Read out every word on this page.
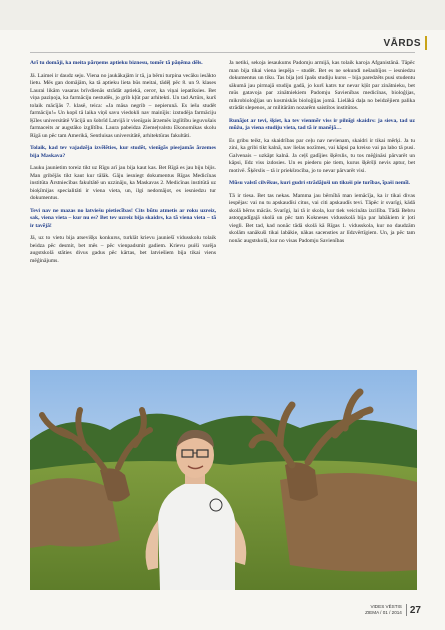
VĀRDS

Arī tu domāji, ka meita pārņems aptieku biznesu, tomēr tā pāņēma dēls.

Jā. Laimei ir daudz seju. Viena no jaukākajām ir tā, ja bērni turpina vecāku iesākto lietu. Mēs gan domājām, ka tā aptieku lieta būs meitai, tādēļ pēc 8. un 9. klases Laurai likām vasaras brīvdienās strādāt aptiekā, ceroт, ka viņai iepatiksies. Bet viņa paziņoja, ka farmāciju nestudēs, jo grib kļūt par arhitekti. Un tad Artūrs, kurš tolaik mācījās 7. klasē, teica: «Ja māsa negrib – nepierunā. Es iešu studēt farmāciju!» Un kopš tā laika viņš savu viedokli nav mainījis: izstudēja farmāciju Ķīles universitātē Vācijā un šobrīd Latvijā ir vienīgais ārzemēs izglītību ieguvušais farmaceits ar augstāko izglītību. Laura pabeidza Ziemeļvalstu Ekonomikas skolu Rīgā un pēc tam Amerikā, Sentluisas universitātē, arhitektūras fakultāti.

Tolaik, kad tev vajadzēja izvēlēties, kur studēt, vienīgās pieejamās ārzemes bija Maskava?

Lauku jaunietim toreiz tikt uz Rīgu arī jau bija kaut kas. Bet Rīgā es jau biju bijis. Man gribējās tikt kaut kur tālāk. Gāju iesniegt dokumentus Rīgas Medicīnas institūta Ārstniecības fakultātē un uzzināju, ka Maskavas 2. Medicīnas institūtā uz bioķīmijas specialitāti ir viena vieta, un, ilgi nedomājot, es iesniedzu tur dokumentus.

Tevi nav ne mazas no latviešu pietiecības! Cits būtu atmetis ar roku uzreiz, sak, viena vieta – kur nu es? Bet tev uzreiz bija skaidrs, ka tā viena vieta – tā ir tavējā!

Jā, uz to vietu bija atsevišķs konkurss, turklāt krievu jauniešī vidusskolu tolaik beidza pēc desmit, bet mēs – pēc vienpadsmit gadiem. Krievu puiši varēja augstskolā stāties divus gadus pēc kārtas, bet latviešiem bija tikai viens mēģinājums.

Ja netiki, sekoja iesaukums Padomju armijā, kas tolaik karoja Afganistānā. Tāpēc man bija tikai viena iespēja – studēt. Bet es ne sekundi nešaubījos – iesniedzu dokumentus un tiku. Tas bija ļoti īpašs studiju kurss – bija paredzēts pusi studentu sākumā jau pirmajā studiju gadā, jo kurš katrs tur nevar kļūt par zinātnieku, bet mūs gatavoja par zinātniekiem Padomju Savienības medicīnas, bioloģijas, mikrobioloģijas un kosmiskās bioloģijas jomā. Lielākā daļa no beidzējiem palika strādāt slepenos, ar militārām nozarēm saistītos institūtos.

Runājot ar tevi, šķiet, ka tev vienmēr viss ir pilnīgi skaidrs: ja sieva, tad uz mūžu, ja viena studiju vieta, tad tā ir manējā…

Es gribu teikt, ka skaidrības par ceļu nav nevienam, skaidri ir tikai mērķi. Ja tu zini, ka gribi tikt kalnā, nav lielas nozīmes, vai kāpsi pa kreiso vai pa labo tā pusi. Galvenais – uzkāpt kalnā. Ja ceļš gadījies šķērslis, tu tos mēģināsi pārvarēt un kāpsi, līdz viss izdosies. Un es piederu pie tiem, kurus šķēršļi nevis aptur, bet motivē. Šķērslis – tā ir priekšrocība, jo to nevar pārvarēt visi.

Mūsu valstī cilvēkus, kuri gudri strādājuši un tikuši pie turības, īpaši nemīl.

Tā ir tiesa. Bet tas nekas. Mamma jau bērnībā man iemācīja, ka ir tikai divas iespējas: vai nu tu apskaudīsi citus, vai citi apskaudīs tevi. Tāpēc ir svarīgi, kādā skolā bērns mācās. Svarīgi, lai tā ir skola, kur tiek veicināta izcilība. Tādā Bebru astoņgadīgajā skolā un pēc tam Kokneses vidusskolā bija par labākiem ir ļoti viegli. Bet tad, kad nonāc tādā skolā kā Rīgas 1. vidusskola, kur no daudzām skolām sanākuši tikai labākie, nākas sacensties ar līdzvērtīgiem. Un, ja pēc tam nonāc augstskolā, kur no visas Padomju Savienības

VIDES VĒSTIS
ZIEMA / 01 / 2014 27
